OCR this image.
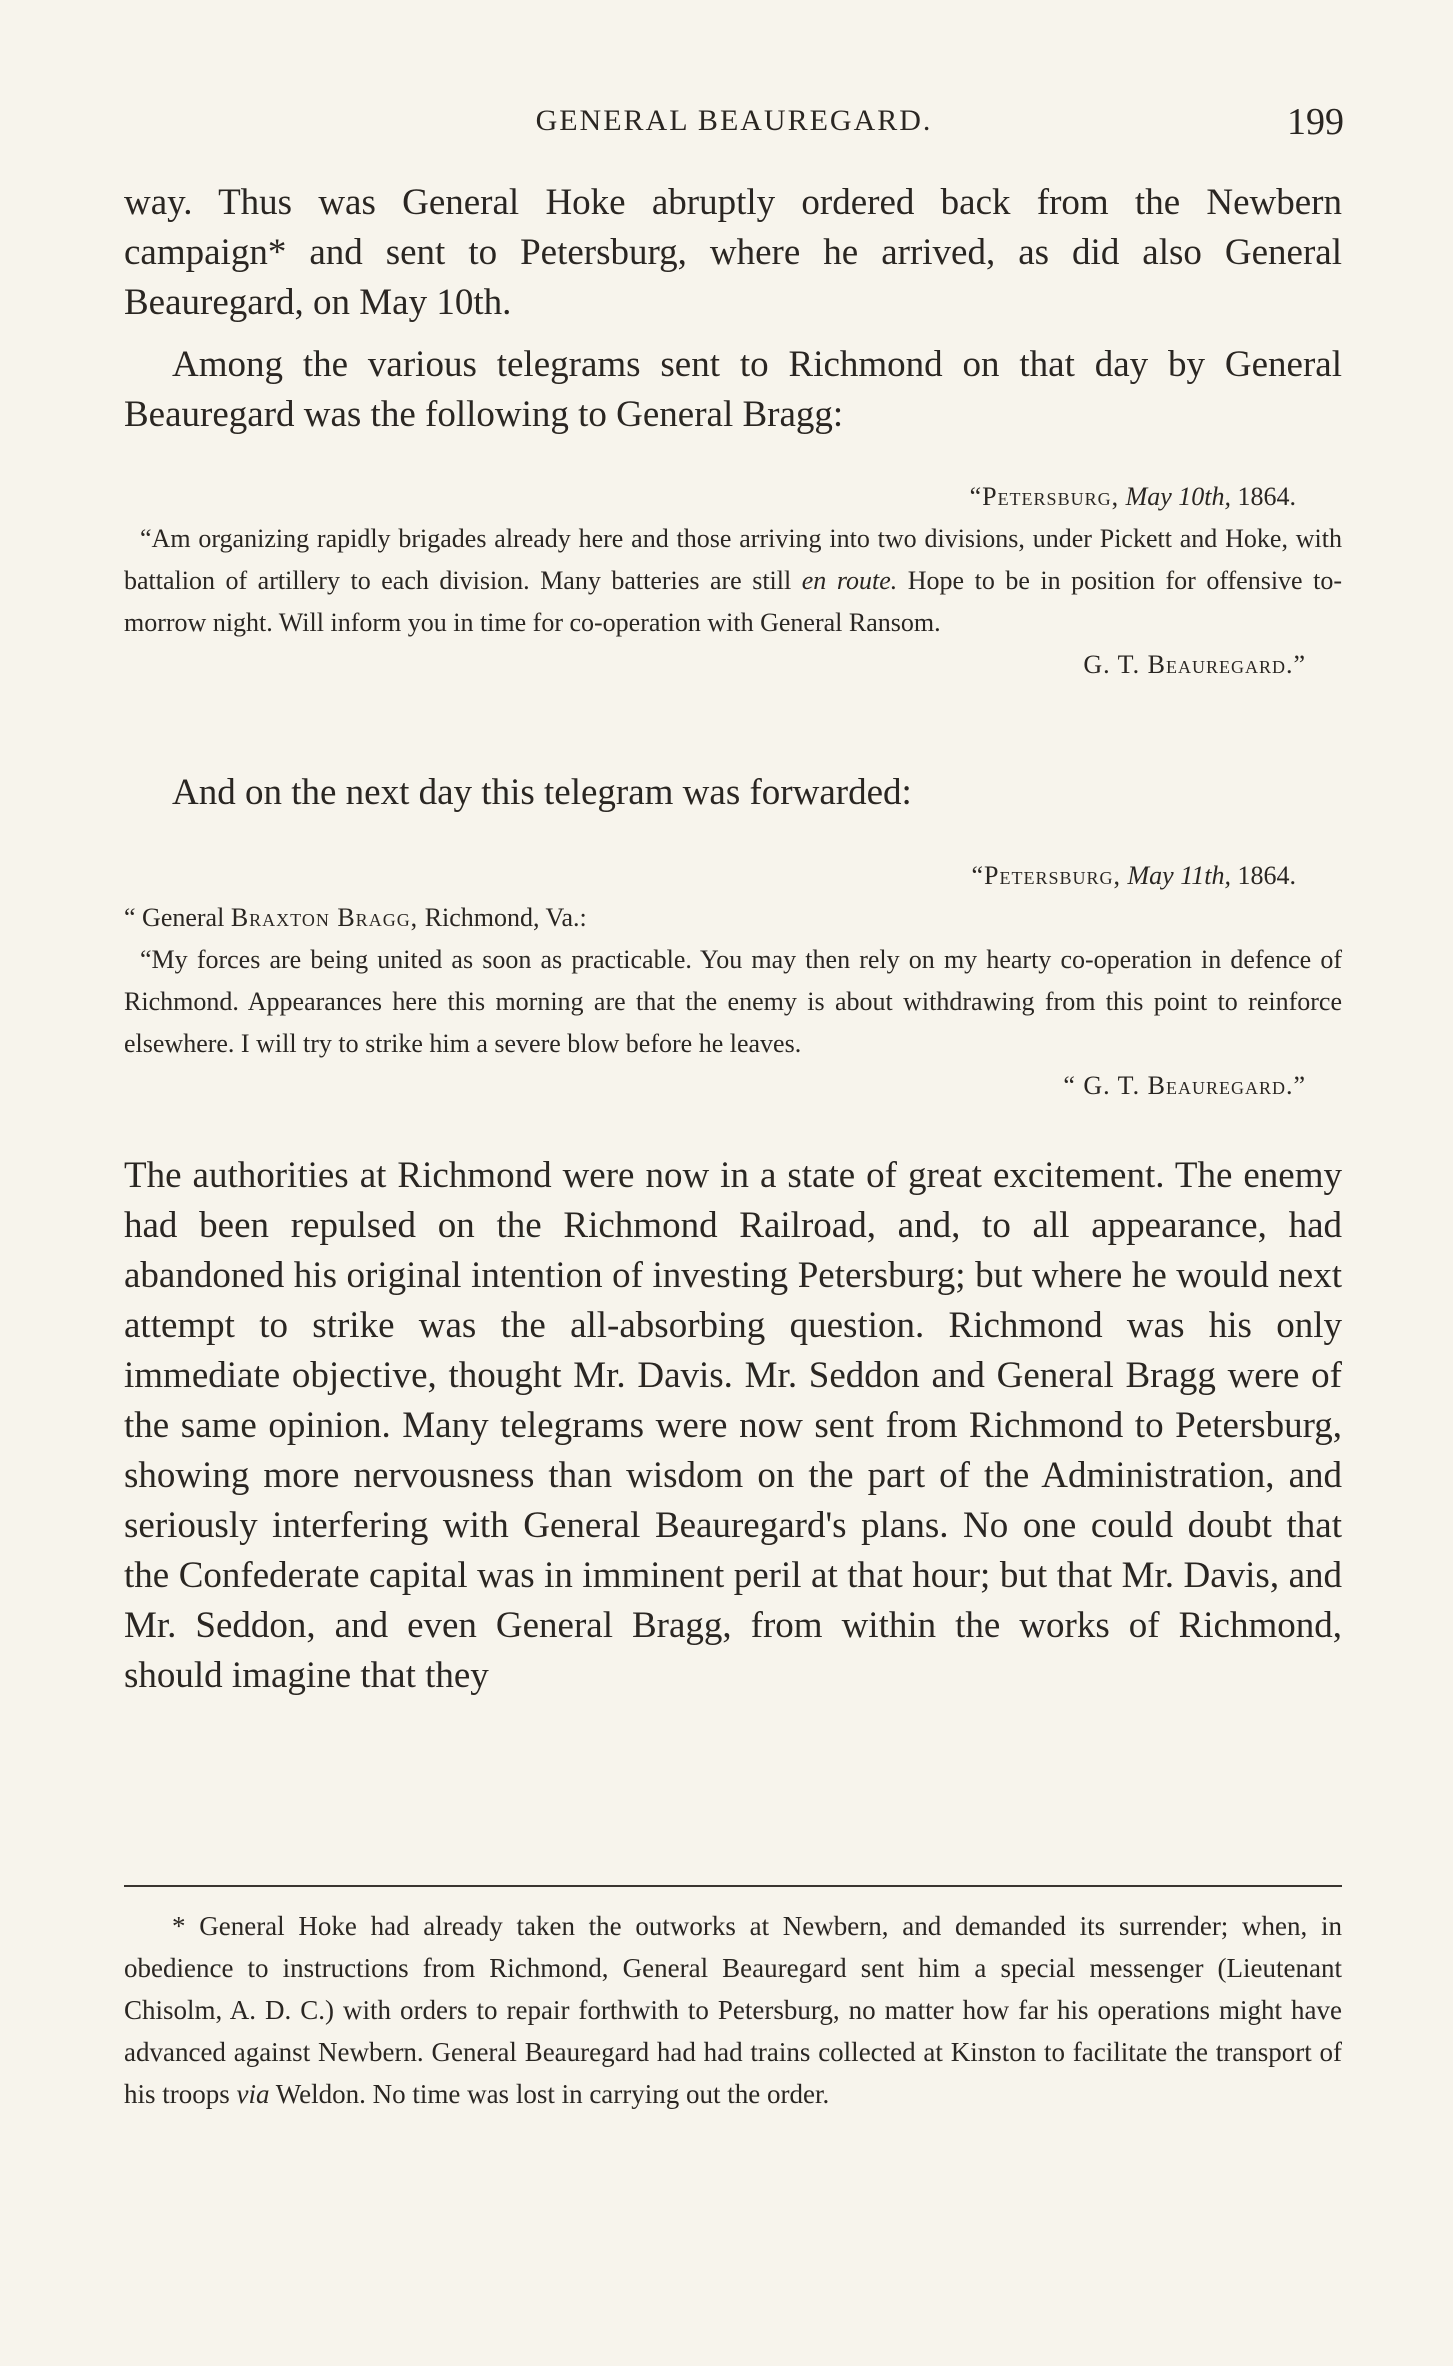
GENERAL BEAUREGARD.	199

way. Thus was General Hoke abruptly ordered back from the Newbern campaign* and sent to Petersburg, where he arrived, as did also General Beauregard, on May 10th.

Among the various telegrams sent to Richmond on that day by General Beauregard was the following to General Bragg:

“Petersburg, May 10th, 1864.
“Am organizing rapidly brigades already here and those arriving into two divisions, under Pickett and Hoke, with battalion of artillery to each division. Many batteries are still en route. Hope to be in position for offensive to-morrow night. Will inform you in time for co-operation with General Ransom.
G. T. Beauregard.”

And on the next day this telegram was forwarded:

“Petersburg, May 11th, 1864.
“ General Braxton Bragg, Richmond, Va.:
“My forces are being united as soon as practicable. You may then rely on my hearty co-operation in defence of Richmond. Appearances here this morning are that the enemy is about withdrawing from this point to reinforce elsewhere. I will try to strike him a severe blow before he leaves.
“ G. T. Beauregard.”

The authorities at Richmond were now in a state of great excitement. The enemy had been repulsed on the Richmond Railroad, and, to all appearance, had abandoned his original intention of investing Petersburg; but where he would next attempt to strike was the all-absorbing question. Richmond was his only immediate objective, thought Mr. Davis. Mr. Seddon and General Bragg were of the same opinion. Many telegrams were now sent from Richmond to Petersburg, showing more nervousness than wisdom on the part of the Administration, and seriously interfering with General Beauregard's plans. No one could doubt that the Confederate capital was in imminent peril at that hour; but that Mr. Davis, and Mr. Seddon, and even General Bragg, from within the works of Richmond, should imagine that they

* General Hoke had already taken the outworks at Newbern, and demanded its surrender; when, in obedience to instructions from Richmond, General Beauregard sent him a special messenger (Lieutenant Chisolm, A. D. C.) with orders to repair forthwith to Petersburg, no matter how far his operations might have advanced against Newbern. General Beauregard had had trains collected at Kinston to facilitate the transport of his troops via Weldon. No time was lost in carrying out the order.
